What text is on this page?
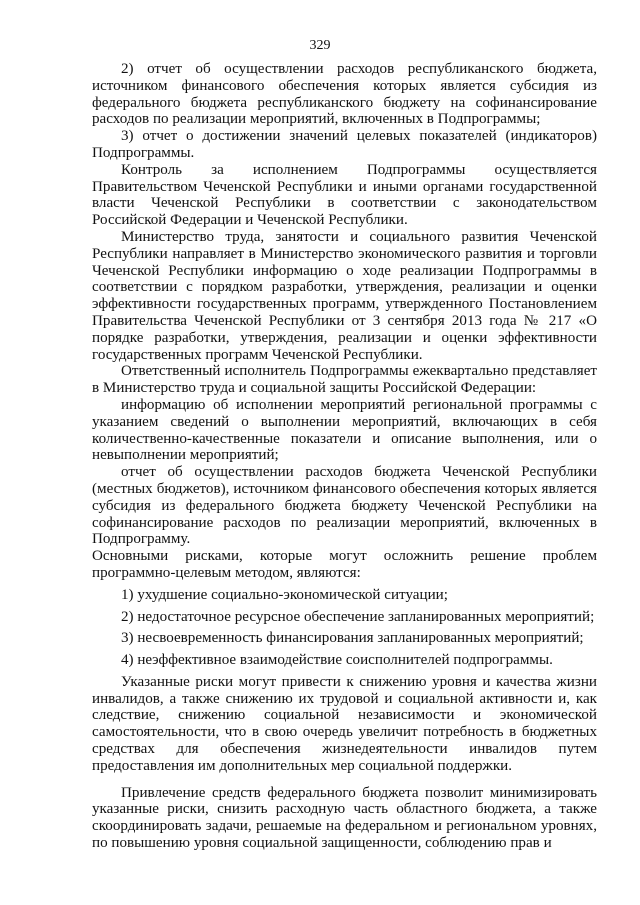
329

2) отчет об осуществлении расходов республиканского бюджета, источником финансового обеспечения которых является субсидия из федерального бюджета республиканского бюджету на софинансирование расходов по реализации мероприятий, включенных в Подпрограммы;

3) отчет о достижении значений целевых показателей (индикаторов) Подпрограммы.

Контроль за исполнением Подпрограммы осуществляется Правительством Чеченской Республики и иными органами государственной власти Чеченской Республики в соответствии с законодательством Российской Федерации и Чеченской Республики.

Министерство труда, занятости и социального развития Чеченской Республики направляет в Министерство экономического развития и торговли Чеченской Республики информацию о ходе реализации Подпрограммы в соответствии с порядком разработки, утверждения, реализации и оценки эффективности государственных программ, утвержденного Постановлением Правительства Чеченской Республики от 3 сентября 2013 года № 217 «О порядке разработки, утверждения, реализации и оценки эффективности государственных программ Чеченской Республики.

Ответственный исполнитель Подпрограммы ежеквартально представляет в Министерство труда и социальной защиты Российской Федерации:

информацию об исполнении мероприятий региональной программы с указанием сведений о выполнении мероприятий, включающих в себя количественно-качественные показатели и описание выполнения, или о невыполнении мероприятий;

отчет об осуществлении расходов бюджета Чеченской Республики (местных бюджетов), источником финансового обеспечения которых является субсидия из федерального бюджета бюджету Чеченской Республики на софинансирование расходов по реализации мероприятий, включенных в Подпрограмму.

Основными рисками, которые могут осложнить решение проблем программно-целевым методом, являются:

1) ухудшение социально-экономической ситуации;

2) недостаточное ресурсное обеспечение запланированных мероприятий;

3) несвоевременность финансирования запланированных мероприятий;

4) неэффективное взаимодействие соисполнителей подпрограммы.

Указанные риски могут привести к снижению уровня и качества жизни инвалидов, а также снижению их трудовой и социальной активности и, как следствие, снижению социальной независимости и экономической самостоятельности, что в свою очередь увеличит потребность в бюджетных средствах для обеспечения жизнедеятельности инвалидов путем предоставления им дополнительных мер социальной поддержки.

Привлечение средств федерального бюджета позволит минимизировать указанные риски, снизить расходную часть областного бюджета, а также скоординировать задачи, решаемые на федеральном и региональном уровнях, по повышению уровня социальной защищенности, соблюдению прав и
